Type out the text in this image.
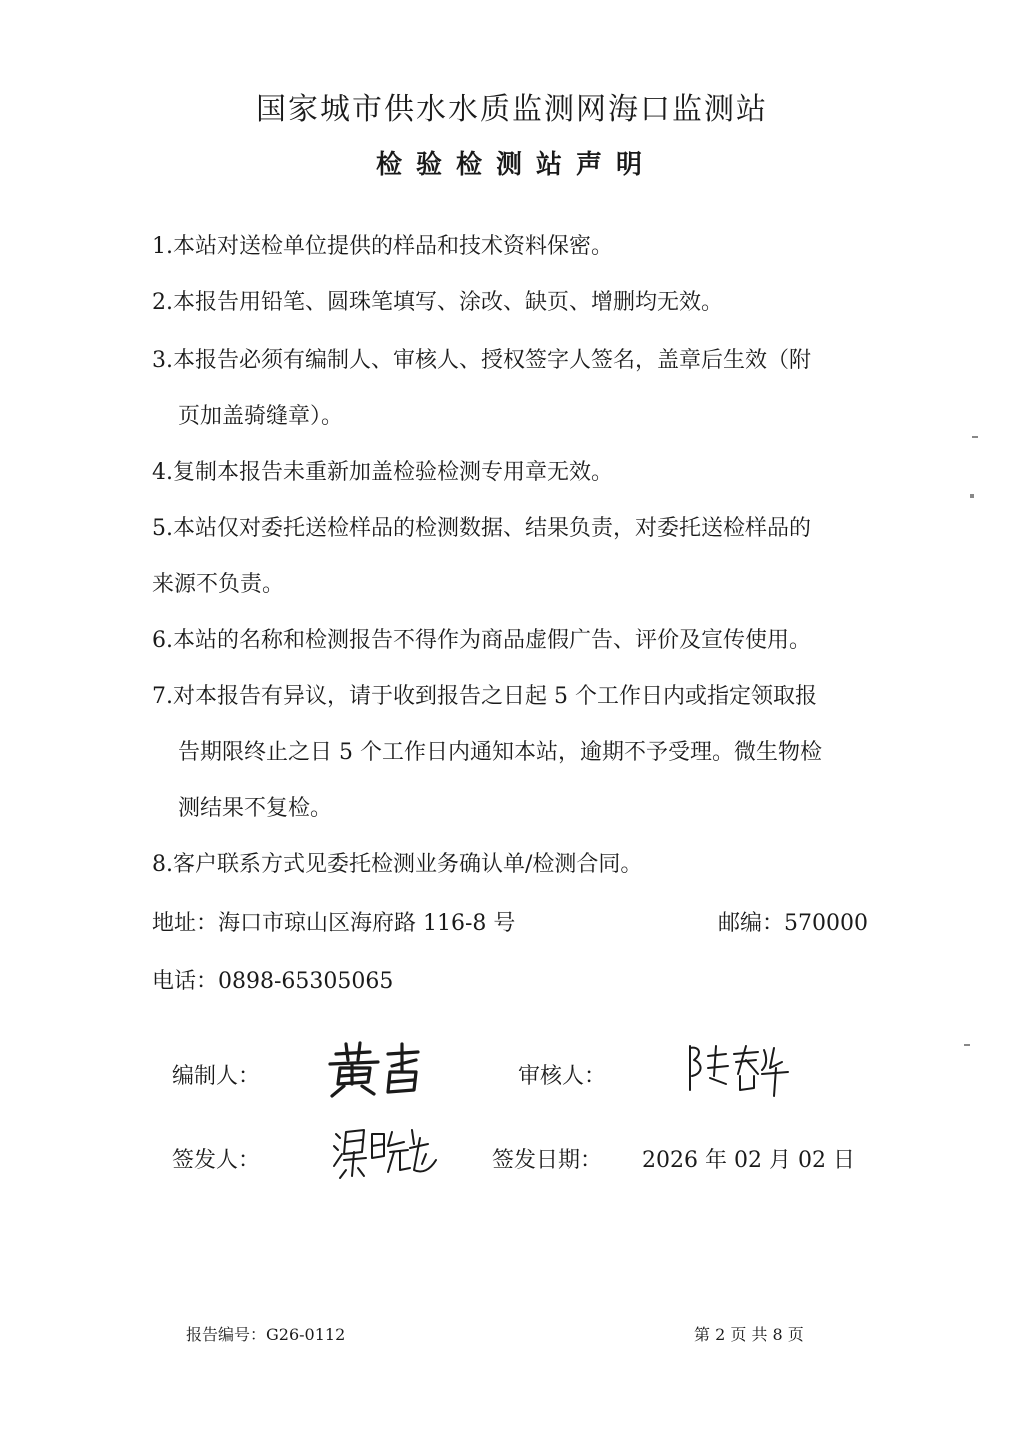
国家城市供水水质监测网海口监测站
检验检测站声明
1.本站对送检单位提供的样品和技术资料保密。
2.本报告用铅笔、圆珠笔填写、涂改、缺页、增删均无效。
3.本报告必须有编制人、审核人、授权签字人签名，盖章后生效（附
页加盖骑缝章）。
4.复制本报告未重新加盖检验检测专用章无效。
5.本站仅对委托送检样品的检测数据、结果负责，对委托送检样品的
来源不负责。
6.本站的名称和检测报告不得作为商品虚假广告、评价及宣传使用。
7.对本报告有异议，请于收到报告之日起 5 个工作日内或指定领取报
告期限终止之日 5 个工作日内通知本站，逾期不予受理。微生物检
测结果不复检。
8.客户联系方式见委托检测业务确认单/检测合同。
地址：海口市琼山区海府路 116-8 号	邮编：570000
电话：0898-65305065
编制人：	审核人：
签发人：	签发日期： 2026 年 02 月 02 日
报告编号：G26-0112	第 2 页 共 8 页
